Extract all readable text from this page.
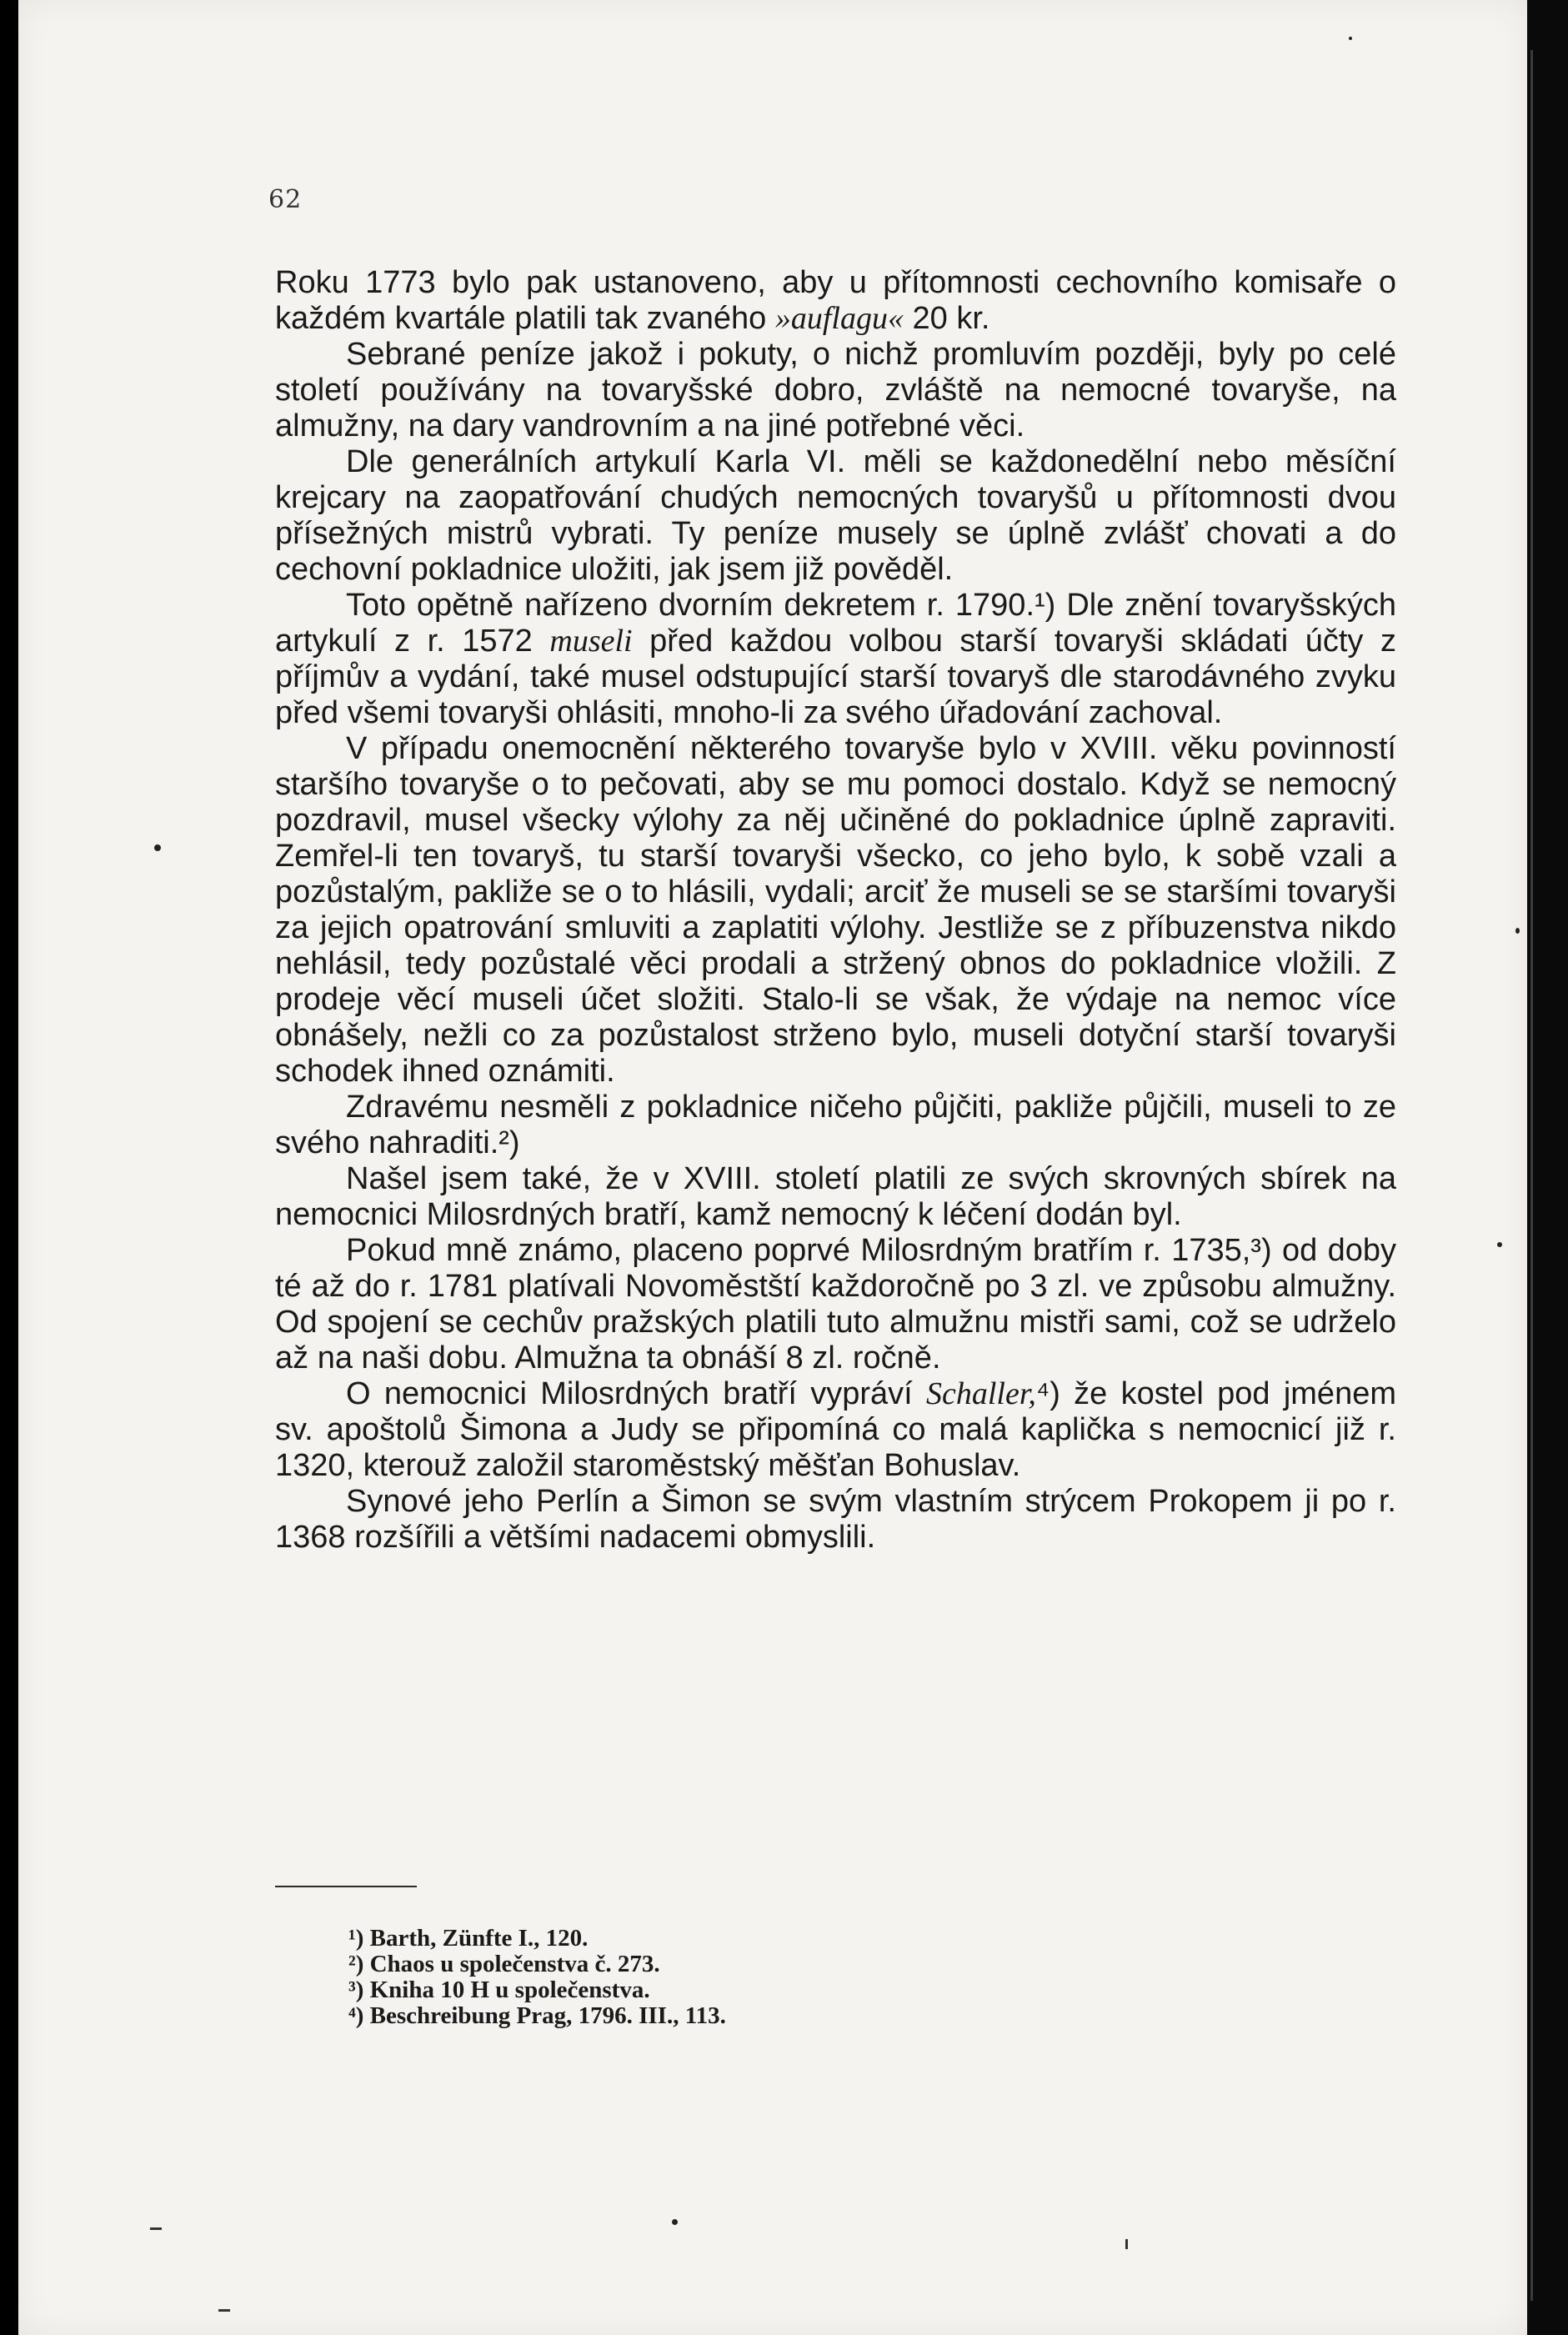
62

Roku 1773 bylo pak ustanoveno, aby u přítomnosti cechovního komisaře o každém kvartále platili tak zvaného »auflagu« 20 kr.

Sebrané peníze jakož i pokuty, o nichž promluvím později, byly po celé století používány na tovaryšské dobro, zvláště na nemocné tovaryše, na almužny, na dary vandrovním a na jiné potřebné věci.

Dle generálních artykulí Karla VI. měli se každonedělní nebo měsíční krejcary na zaopatřování chudých nemocných tovaryšů u přítomnosti dvou přísežných mistrů vybrati. Ty peníze musely se úplně zvlášť chovati a do cechovní pokladnice uložiti, jak jsem již pověděl.

Toto opětně nařízeno dvorním dekretem r. 1790.¹) Dle znění tovaryšských artykulí z r. 1572 museli před každou volbou starší tovaryši skládati účty z příjmův a vydání, také musel odstupující starší tovaryš dle starodávného zvyku před všemi tovaryši ohlásiti, mnoho-li za svého úřadování zachoval.

V případu onemocnění některého tovaryše bylo v XVIII. věku povinností staršího tovaryše o to pečovati, aby se mu pomoci dostalo. Když se nemocný pozdravil, musel všecky výlohy za něj učiněné do pokladnice úplně zapraviti. Zemřel-li ten tovaryš, tu starší tovaryši všecko, co jeho bylo, k sobě vzali a pozůstalým, pakliže se o to hlásili, vydali; arciť že museli se se staršími tovaryši za jejich opatrování smluviti a zaplatiti výlohy. Jestliže se z příbuzenstva nikdo nehlásil, tedy pozůstalé věci prodali a stržený obnos do pokladnice vložili. Z prodeje věcí museli účet složiti. Stalo-li se však, že výdaje na nemoc více obnášely, nežli co za pozůstalost strženo bylo, museli dotyční starší tovaryši schodek ihned oznámiti.

Zdravému nesměli z pokladnice ničeho půjčiti, pakliže půjčili, museli to ze svého nahraditi.²)

Našel jsem také, že v XVIII. století platili ze svých skrovných sbírek na nemocnici Milosrdných bratří, kamž nemocný k léčení dodán byl.

Pokud mně známo, placeno poprvé Milosrdným bratřím r. 1735,³) od doby té až do r. 1781 platívali Novoměstští každoročně po 3 zl. ve způsobu almužny. Od spojení se cechův pražských platili tuto almužnu mistři sami, což se udrželo až na naši dobu. Almužna ta obnáší 8 zl. ročně.

O nemocnici Milosrdných bratří vypráví Schaller,⁴) že kostel pod jménem sv. apoštolů Šimona a Judy se připomíná co malá kaplička s nemocnicí již r. 1320, kterouž založil staroměstský měšťan Bohuslav.

Synové jeho Perlín a Šimon se svým vlastním strýcem Prokopem ji po r. 1368 rozšířili a většími nadacemi obmyslili.

¹) Barth, Zünfte I., 120.
²) Chaos u společenstva č. 273.
³) Kniha 10 H u společenstva.
⁴) Beschreibung Prag, 1796. III., 113.
